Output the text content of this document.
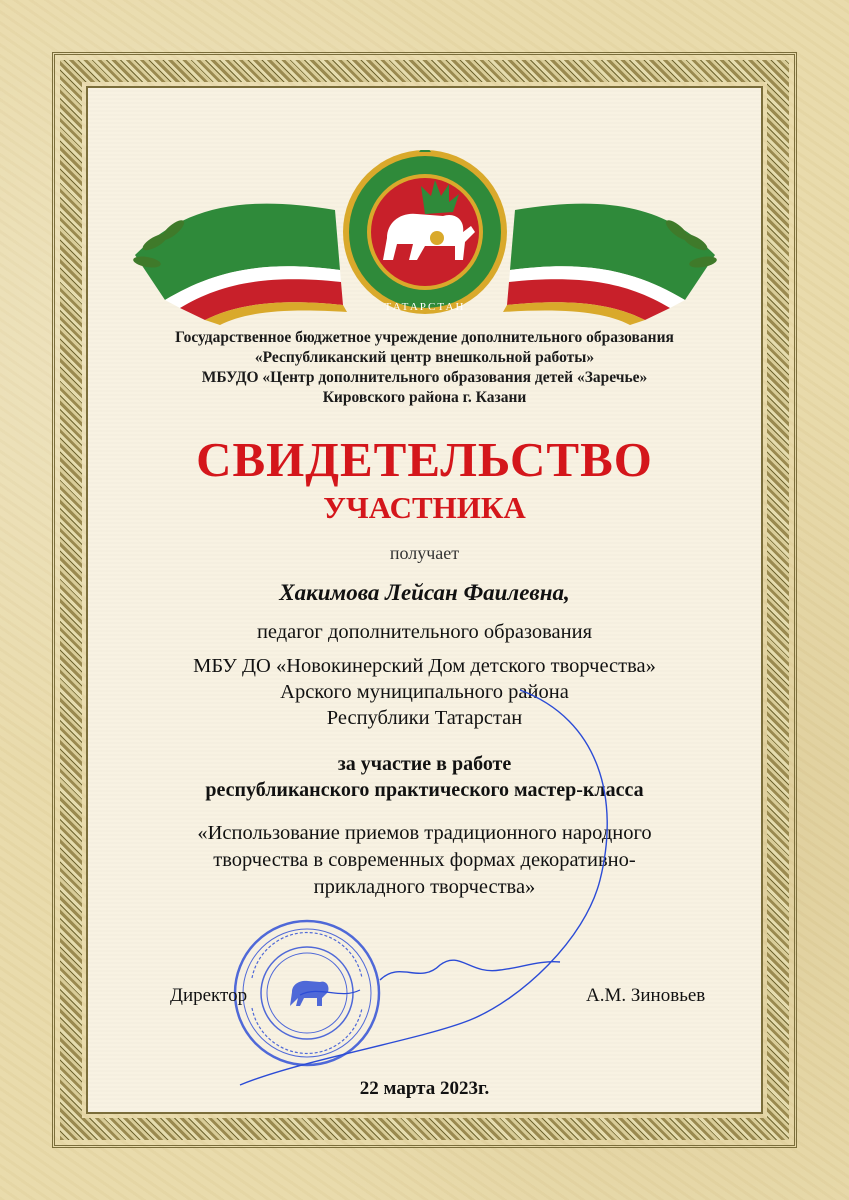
ТАТАРСТАН
Государственное бюджетное учреждение дополнительного образования
«Республиканский центр внешкольной работы»
МБУДО «Центр дополнительного образования детей «Заречье»
Кировского района г. Казани
СВИДЕТЕЛЬСТВО
УЧАСТНИКА
получает
Хакимова Лейсан Фаилевна,
педагог дополнительного образования
МБУ ДО «Новокинерский Дом детского творчества»
Арского муниципального района
Республики Татарстан
за участие в работе
республиканского практического мастер-класса
«Использование приемов традиционного народного
творчества в современных формах декоративно-
прикладного творчества»
Директор	А.М. Зиновьев
22 марта 2023г.
